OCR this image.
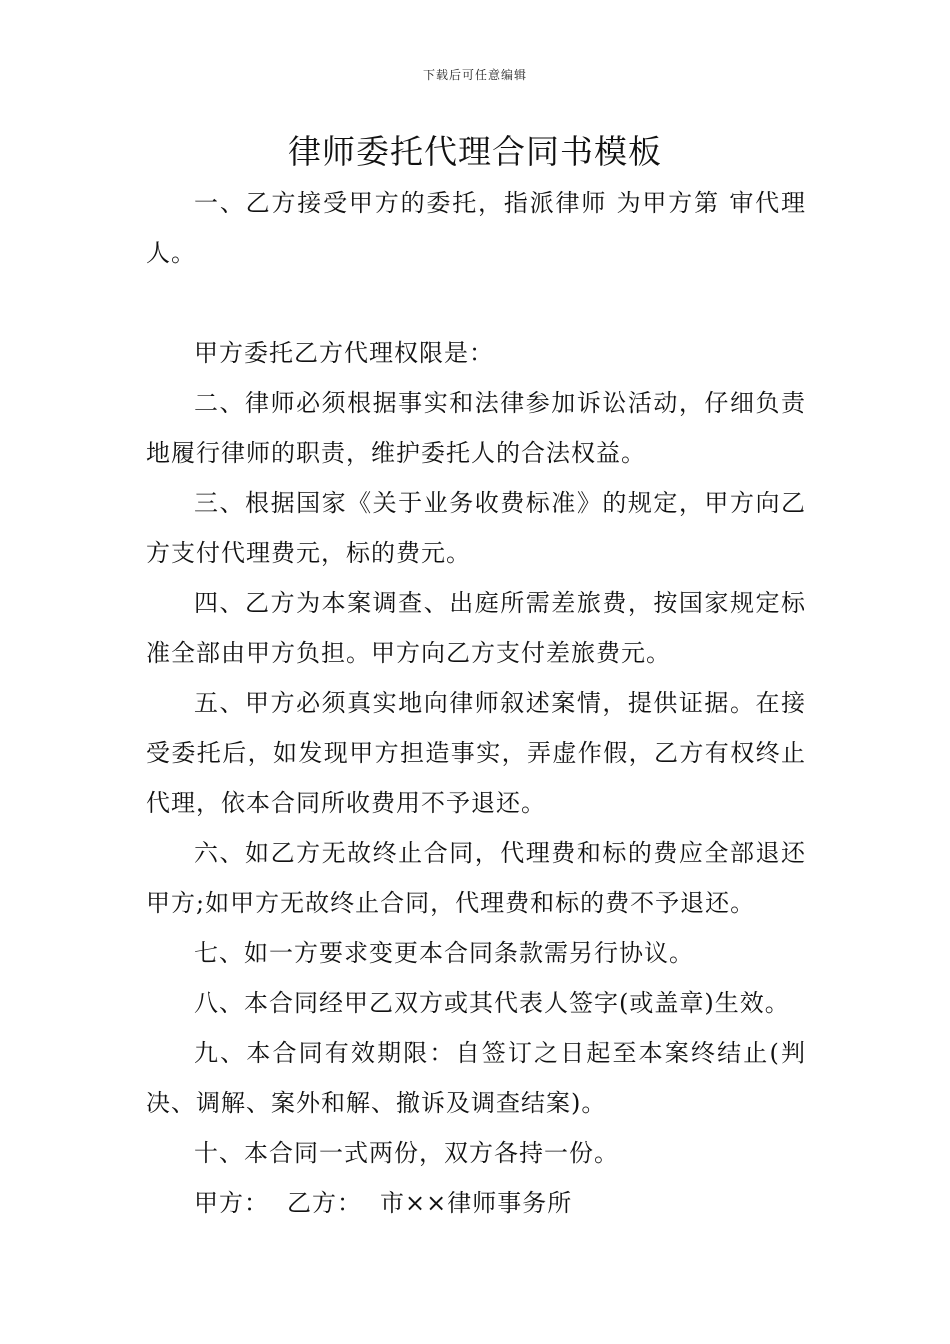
下载后可任意编辑
律师委托代理合同书模板

一、乙方接受甲方的委托，指派律师 为甲方第 审代理人。

甲方委托乙方代理权限是：

二、律师必须根据事实和法律参加诉讼活动，仔细负责地履行律师的职责，维护委托人的合法权益。

三、根据国家《关于业务收费标准》的规定，甲方向乙方支付代理费元，标的费元。

四、乙方为本案调查、出庭所需差旅费，按国家规定标准全部由甲方负担。甲方向乙方支付差旅费元。

五、甲方必须真实地向律师叙述案情，提供证据。在接受委托后，如发现甲方担造事实，弄虚作假，乙方有权终止代理，依本合同所收费用不予退还。

六、如乙方无故终止合同，代理费和标的费应全部退还甲方;如甲方无故终止合同，代理费和标的费不予退还。

七、如一方要求变更本合同条款需另行协议。

八、本合同经甲乙双方或其代表人签字(或盖章)生效。

九、本合同有效期限：自签订之日起至本案终结止(判决、调解、案外和解、撤诉及调查结案)。

十、本合同一式两份，双方各持一份。

甲方： 乙方： 市××律师事务所
